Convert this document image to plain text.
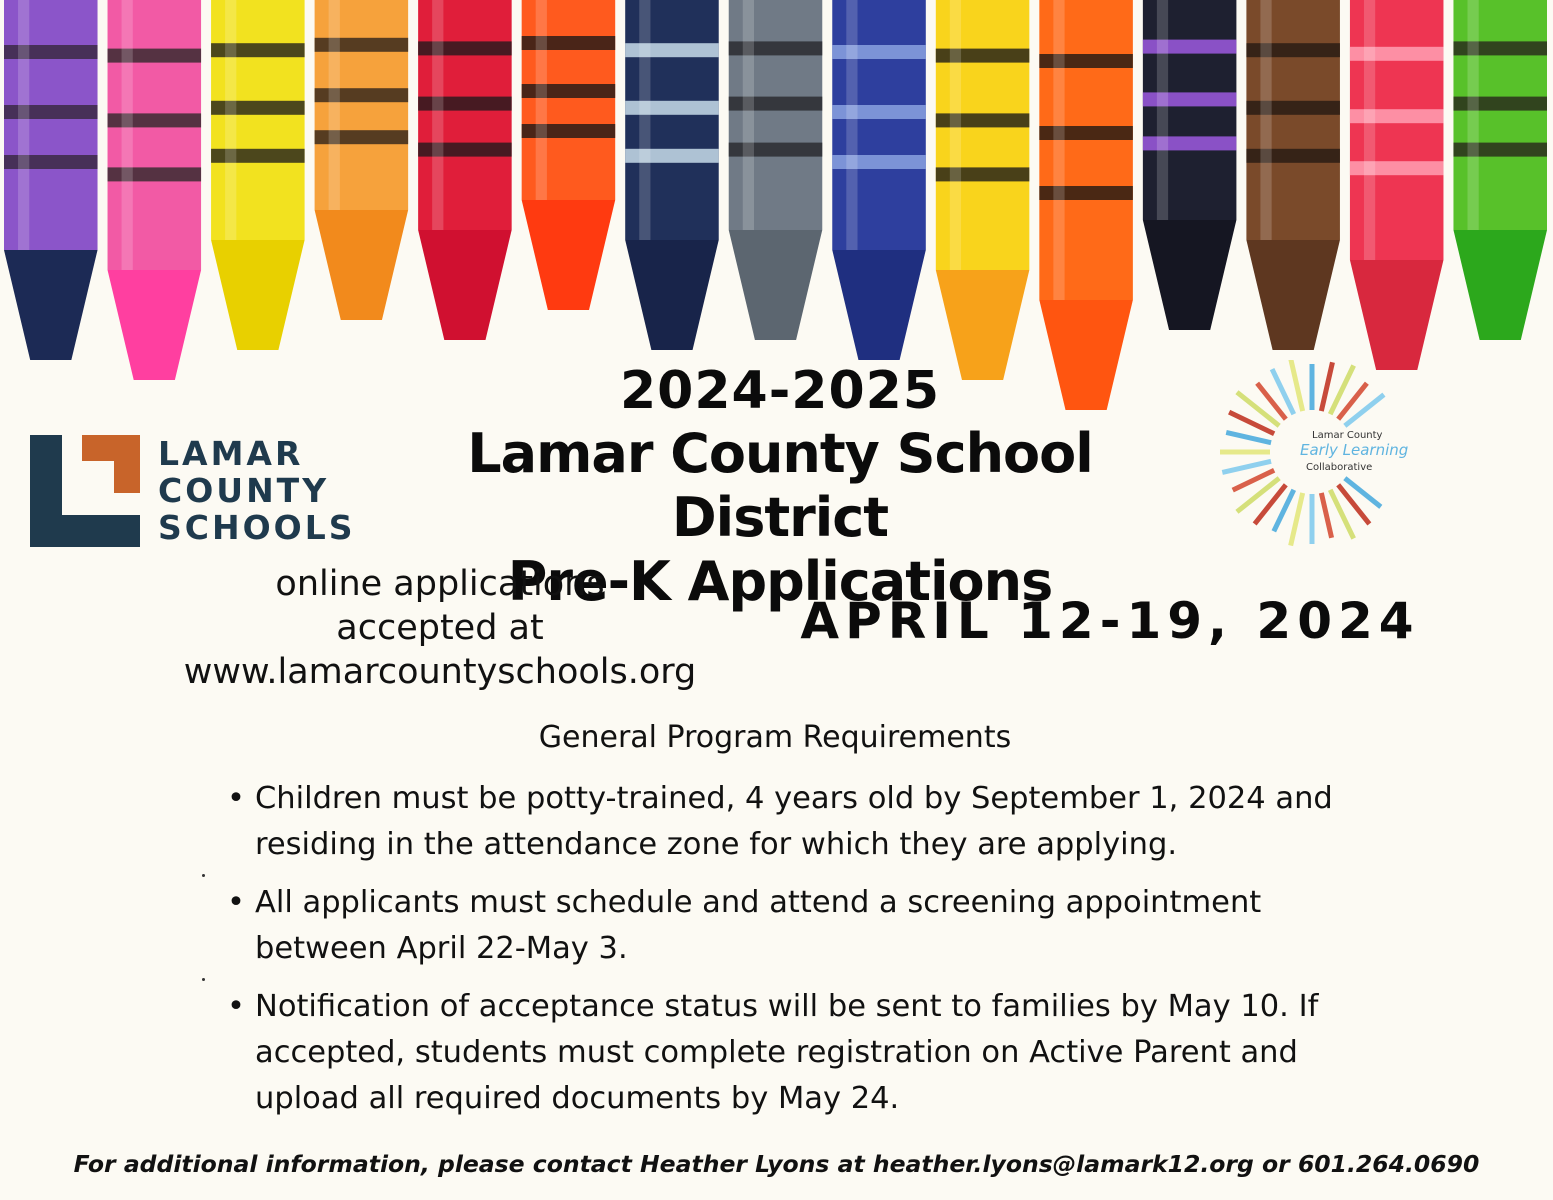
LAMAR
COUNTY
SCHOOLS
2024-2025
Lamar County School District
Pre-K Applications
Lamar County
Early Learning
Collaborative
online applications
accepted at
www.lamarcountyschools.org
APRIL 12-19, 2024
General Program Requirements
• Children must be potty-trained, 4 years old by September 1, 2024 and residing in the attendance zone for which they are applying.
• All applicants must schedule and attend a screening appointment between April 22-May 3.
• Notification of acceptance status will be sent to families by May 10. If accepted, students must complete registration on Active Parent and upload all required documents by May 24.
For additional information, please contact Heather Lyons at heather.lyons@lamark12.org or 601.264.0690
